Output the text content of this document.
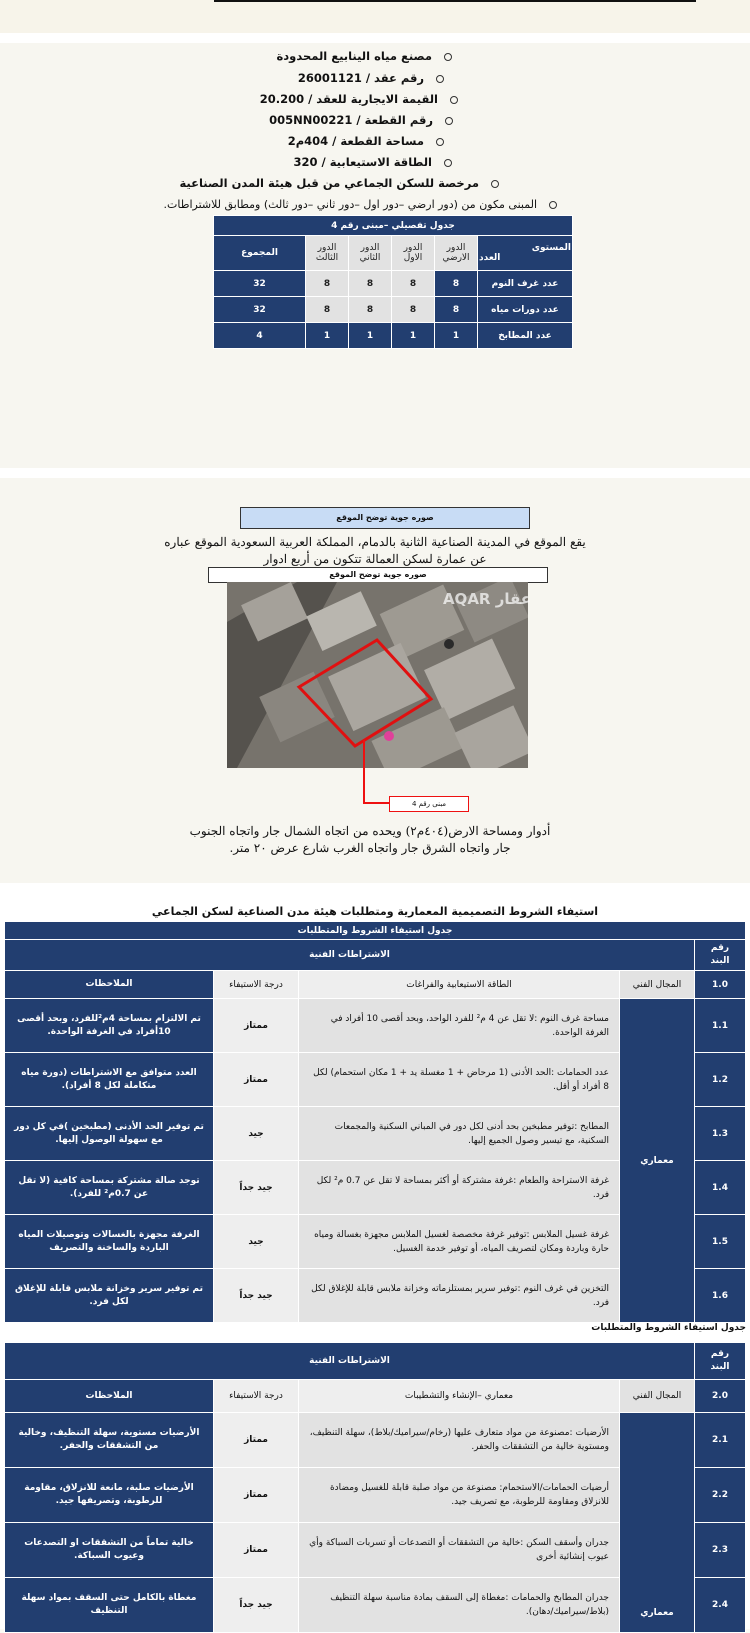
مصنع مياه الينابيع المحدودة
رقم عقد / 26001121
القيمة الايجارية للعقد / 20.200
رقم القطعة / 005NN00221
مساحة القطعة / 404م2
الطاقة الاستيعابية / 320
مرخصة للسكن الجماعي من قبل هيئة المدن الصناعية
المبنى مكون من (دور ارضي –دور اول –دور ثاني –دور ثالث) ومطابق للاشتراطات.
جدول تفصيلي –مبنى رقم 4					

المستوى
العدد	الدور الارضي	الدور الاول	الدور الثاني	الدور الثالث	المجموع
عدد غرف النوم	8	8	8	8	32
عدد دورات مياه	8	8	8	8	32
عدد المطابخ	1	1	1	1	4
صوره جوية توضح الموقع
يقع الموقع في المدينة الصناعية الثانية بالدمام، المملكة العربية السعودية الموقع عباره
عن عمارة لسكن العمالة تتكون من أربع ادوار
صوره جوية توضح الموقع
عقار AQAR
مبنى رقم 4
أدوار ومساحة الارض(٤٠٤م٢) ويحده من اتجاه الشمال جار واتجاه الجنوب
جار واتجاه الشرق جار واتجاه الغرب شارع عرض ٢٠ متر.
استيفاء الشروط التصميمية المعمارية ومتطلبات هيئة مدن الصناعية لسكن الجماعي
جدول استيفاء الشروط والمتطلبات				
رقم البند	الاشتراطات الفنية			
1.0	المجال الفني	الطاقة الاستيعابية والفراغات	درجة الاستيفاء	الملاحظات
1.1	معماري	مساحة غرف النوم :لا تقل عن 4 م² للفرد الواحد، وبحد أقصى 10 أفراد في الغرفة الواحدة.	ممتاز	تم الالتزام بمساحة 4م²للفرد، وبحد أقصى 10أفراد في الغرفة الواحدة.
1.2		عدد الحمامات :الحد الأدنى (1 مرحاض + 1 مغسلة يد + 1 مكان استحمام) لكل 8 أفراد أو أقل.	ممتاز	العدد متوافق مع الاشتراطات (دورة مياه متكاملة لكل 8 أفراد).
1.3		المطابخ :توفير مطبخين بحد أدنى لكل دور في المباني السكنية والمجمعات السكنية، مع تيسير وصول الجميع إليها.	جيد	تم توفير الحد الأدنى (مطبخين )في كل دور مع سهولة الوصول إليها.
1.4		غرفة الاستراحة والطعام :غرفة مشتركة أو أكثر بمساحة لا تقل عن 0.7 م² لكل فرد.	جيد جداً	توجد صالة مشتركة بمساحة كافية (لا تقل عن 0.7م² للفرد).
1.5		غرفة غسيل الملابس :توفير غرفة مخصصة لغسيل الملابس مجهزة بغسالة ومياه حارة وباردة ومكان لتصريف المياه، أو توفير خدمة الغسيل.	جيد	الغرفة مجهزة بالغسالات وتوصيلات المياه الباردة والساخنة والتصريف
1.6		التخزين في غرف النوم :توفير سرير بمستلزماته وخزانة ملابس قابلة للإغلاق لكل فرد.	جيد جداً	تم توفير سرير وخزانة ملابس قابلة للإغلاق لكل فرد.
جدول استيفاء الشروط والمتطلبات
رقم البند	الاشتراطات الفنية			
2.0	المجال الفني	معماري –الإنشاء والتشطيبات	درجة الاستيفاء	الملاحظات
2.1	معماري	الأرضيات :مصنوعة من مواد متعارف عليها (رخام/سيراميك/بلاط)، سهلة التنظيف، ومستوية خالية من التشققات والحفر.	ممتاز	الأرضيات مستوية، سهلة التنظيف، وخالية من التشققات والحفر.
2.2		أرضيات الحمامات/الاستحمام: مصنوعة من مواد صلبة قابلة للغسيل ومضادة للانزلاق ومقاومة للرطوبة، مع تصريف جيد.	ممتاز	الأرضيات صلبة، مانعة للانزلاق، مقاومة للرطوبة، وتصريفها جيد.
2.3		جدران وأسقف السكن :خالية من التشققات أو التصدعات أو تسربات السباكة وأي عيوب إنشائية أخرى	ممتاز	خالية تماماً من التشققات او التصدعات وعيوب السباكة.
2.4		جدران المطابخ والحمامات :مغطاة إلى السقف بمادة مناسبة سهلة التنظيف (بلاط/سيراميك/دهان).	جيد جداً	مغطاة بالكامل حتى السقف بمواد سهلة التنظيف
